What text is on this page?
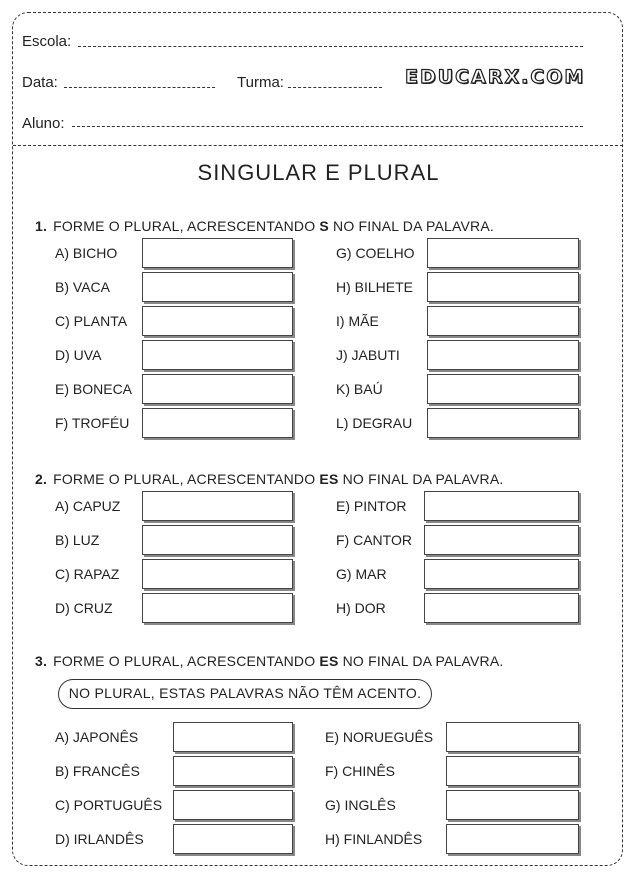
Escola:
Data:	Turma:	EDUCARX.COM
Aluno:
SINGULAR E PLURAL
1. FORME O PLURAL, ACRESCENTANDO S NO FINAL DA PALAVRA.
A) BICHO
B) VACA
C) PLANTA
D) UVA
E) BONECA
F) TROFÉU
G) COELHO
H) BILHETE
I) MÃE
J) JABUTI
K) BAÚ
L) DEGRAU
2. FORME O PLURAL, ACRESCENTANDO ES NO FINAL DA PALAVRA.
A) CAPUZ
B) LUZ
C) RAPAZ
D) CRUZ
E) PINTOR
F) CANTOR
G) MAR
H) DOR
3. FORME O PLURAL, ACRESCENTANDO ES NO FINAL DA PALAVRA.
NO PLURAL, ESTAS PALAVRAS NÃO TÊM ACENTO.
A) JAPONÊS
B) FRANCÊS
C) PORTUGUÊS
D) IRLANDÊS
E) NORUEGUÊS
F) CHINÊS
G) INGLÊS
H) FINLANDÊS
